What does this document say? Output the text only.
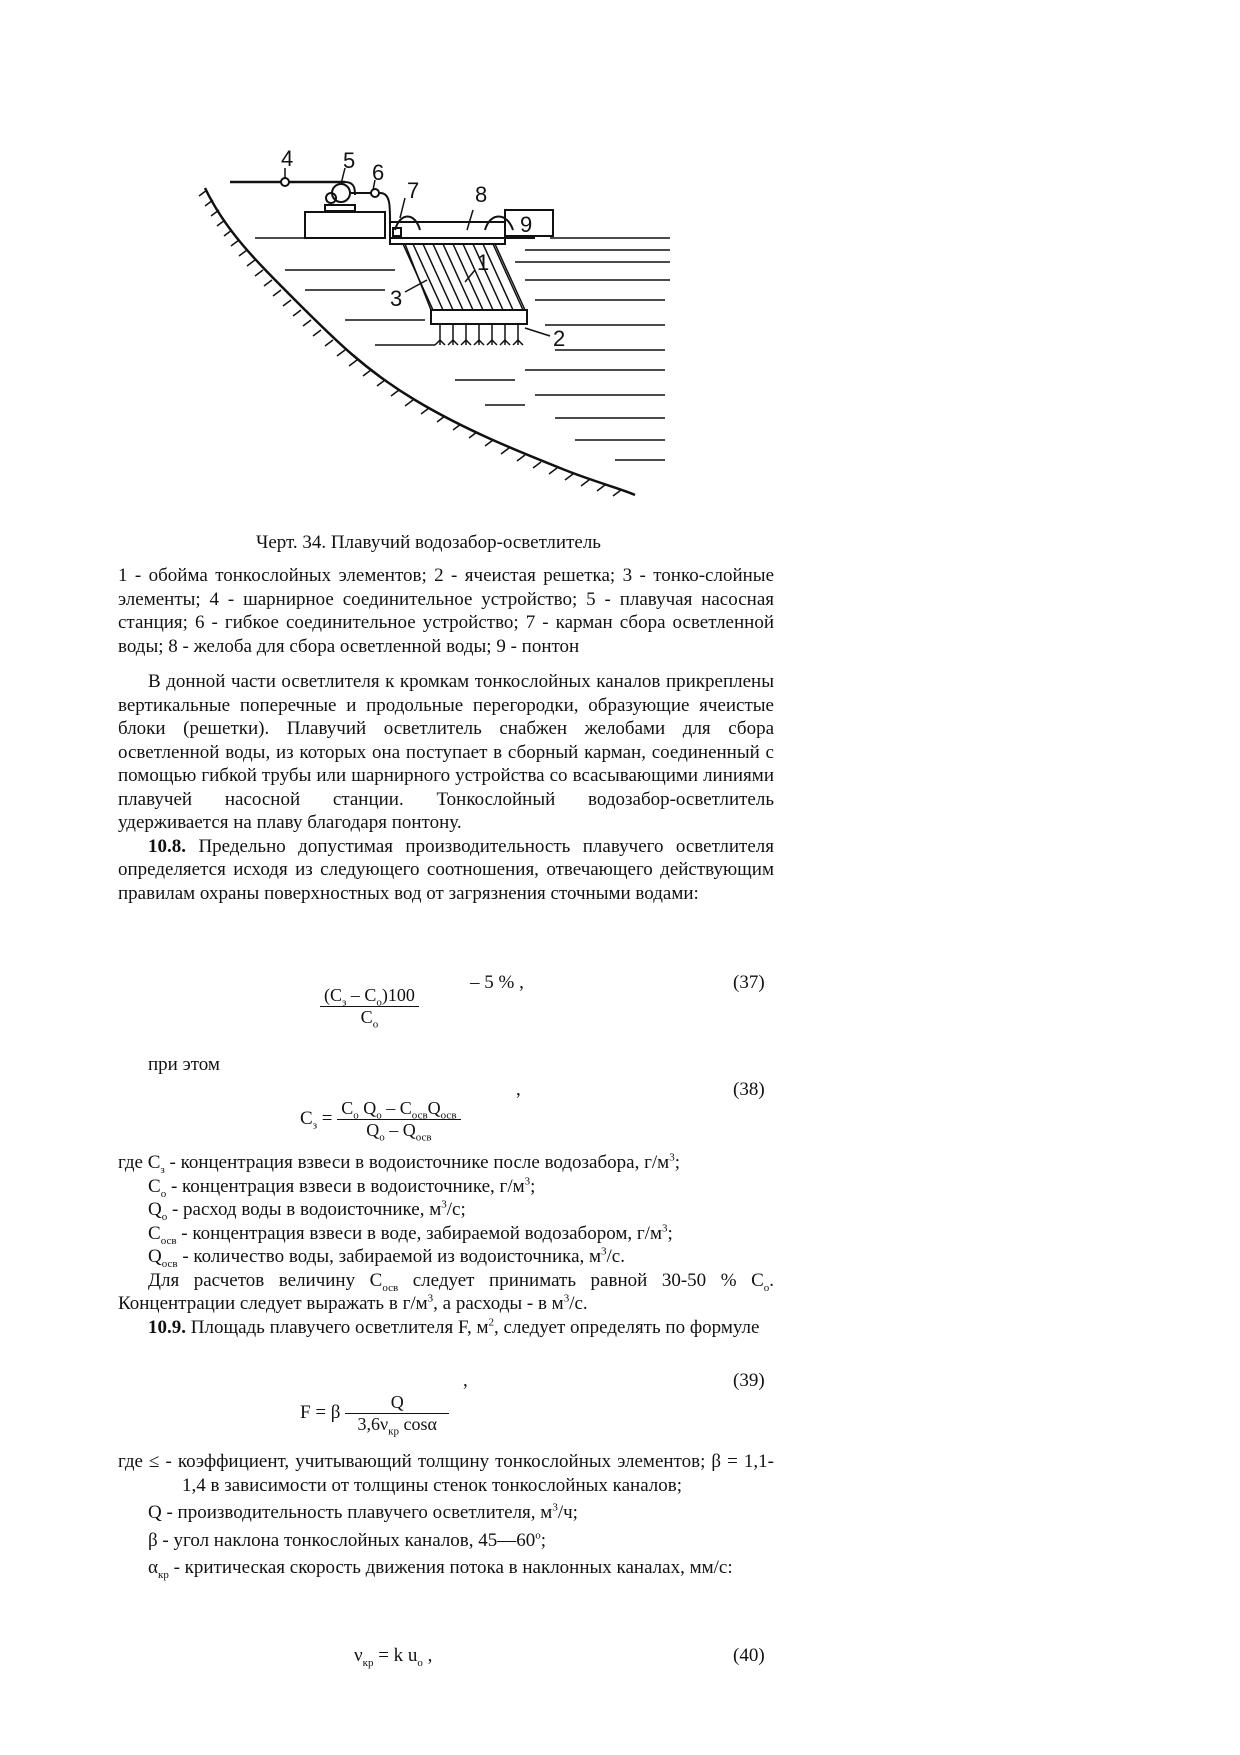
4 5 6
7	8
9
1
3
2
Черт. 34. Плавучий водозабор-осветлитель

1 - обойма тонкослойных элементов; 2 - ячеистая решетка; 3 - тонко-слойные элементы; 4 - шарнирное соединительное устройство; 5 - плавучая насосная станция; 6 - гибкое соединительное устройство; 7 - карман сбора осветленной воды; 8 - желоба для сбора осветленной воды; 9 - понтон

В донной части осветлителя к кромкам тонкослойных каналов прикреплены вертикальные поперечные и продольные перегородки, образующие ячеистые блоки (решетки). Плавучий осветлитель снабжен желобами для сбора осветленной воды, из которых она поступает в сборный карман, соединенный с помощью гибкой трубы или шарнирного устройства со всасывающими линиями плавучей насосной станции. Тонкослойный водозабор-осветлитель удерживается на плаву благодаря понтону.

10.8. Предельно допустимая производительность плавучего осветлителя определяется исходя из следующего соотношения, отвечающего действующим правилам охраны поверхностных вод от загрязнения сточными водами:

$\frac{(С_з - С_о)100}{С_о}$
– 5 % ,	(37)
при этом
$С_з = \frac{С_о Q_о - С_{осв}Q_{осв}}{Q_о - Q_{осв}}$
,	(38)

где $С_з$ - концентрация взвеси в водоисточнике после водозабора, $г/м^3$;

$С_о$ - концентрация взвеси в водоисточнике, $г/м^3$;

$Q_о$ - расход воды в водоисточнике, $м^3/с$;

$С_{осв}$ - концентрация взвеси в воде, забираемой водозабором, $г/м^3$;

$Q_{осв}$ - количество воды, забираемой из водоисточника, $м^3/с$.

Для расчетов величину $С_{осв}$ следует принимать равной 30-50 % $С_о$. Концентрации следует выражать в $г/м^3$, а расходы - в $м^3/с$.

10.9. Площадь плавучего осветлителя F, $м^2$, следует определять по формуле

F = β $\frac{Q}{3,6\nu_{кр} \cos\alpha}$
,	(39)

где ≤ - коэффициент, учитывающий толщину тонкослойных элементов; β = 1,1-1,4 в зависимости от толщины стенок тонкослойных каналов;

Q - производительность плавучего осветлителя, $м^3/ч$;

β - угол наклона тонкослойных каналов, $45—60^о$;

$\alpha_{кр}$ - критическая скорость движения потока в наклонных каналах, мм/с:

$\nu_{кр} = k$ $u_о$ ,	(40)
